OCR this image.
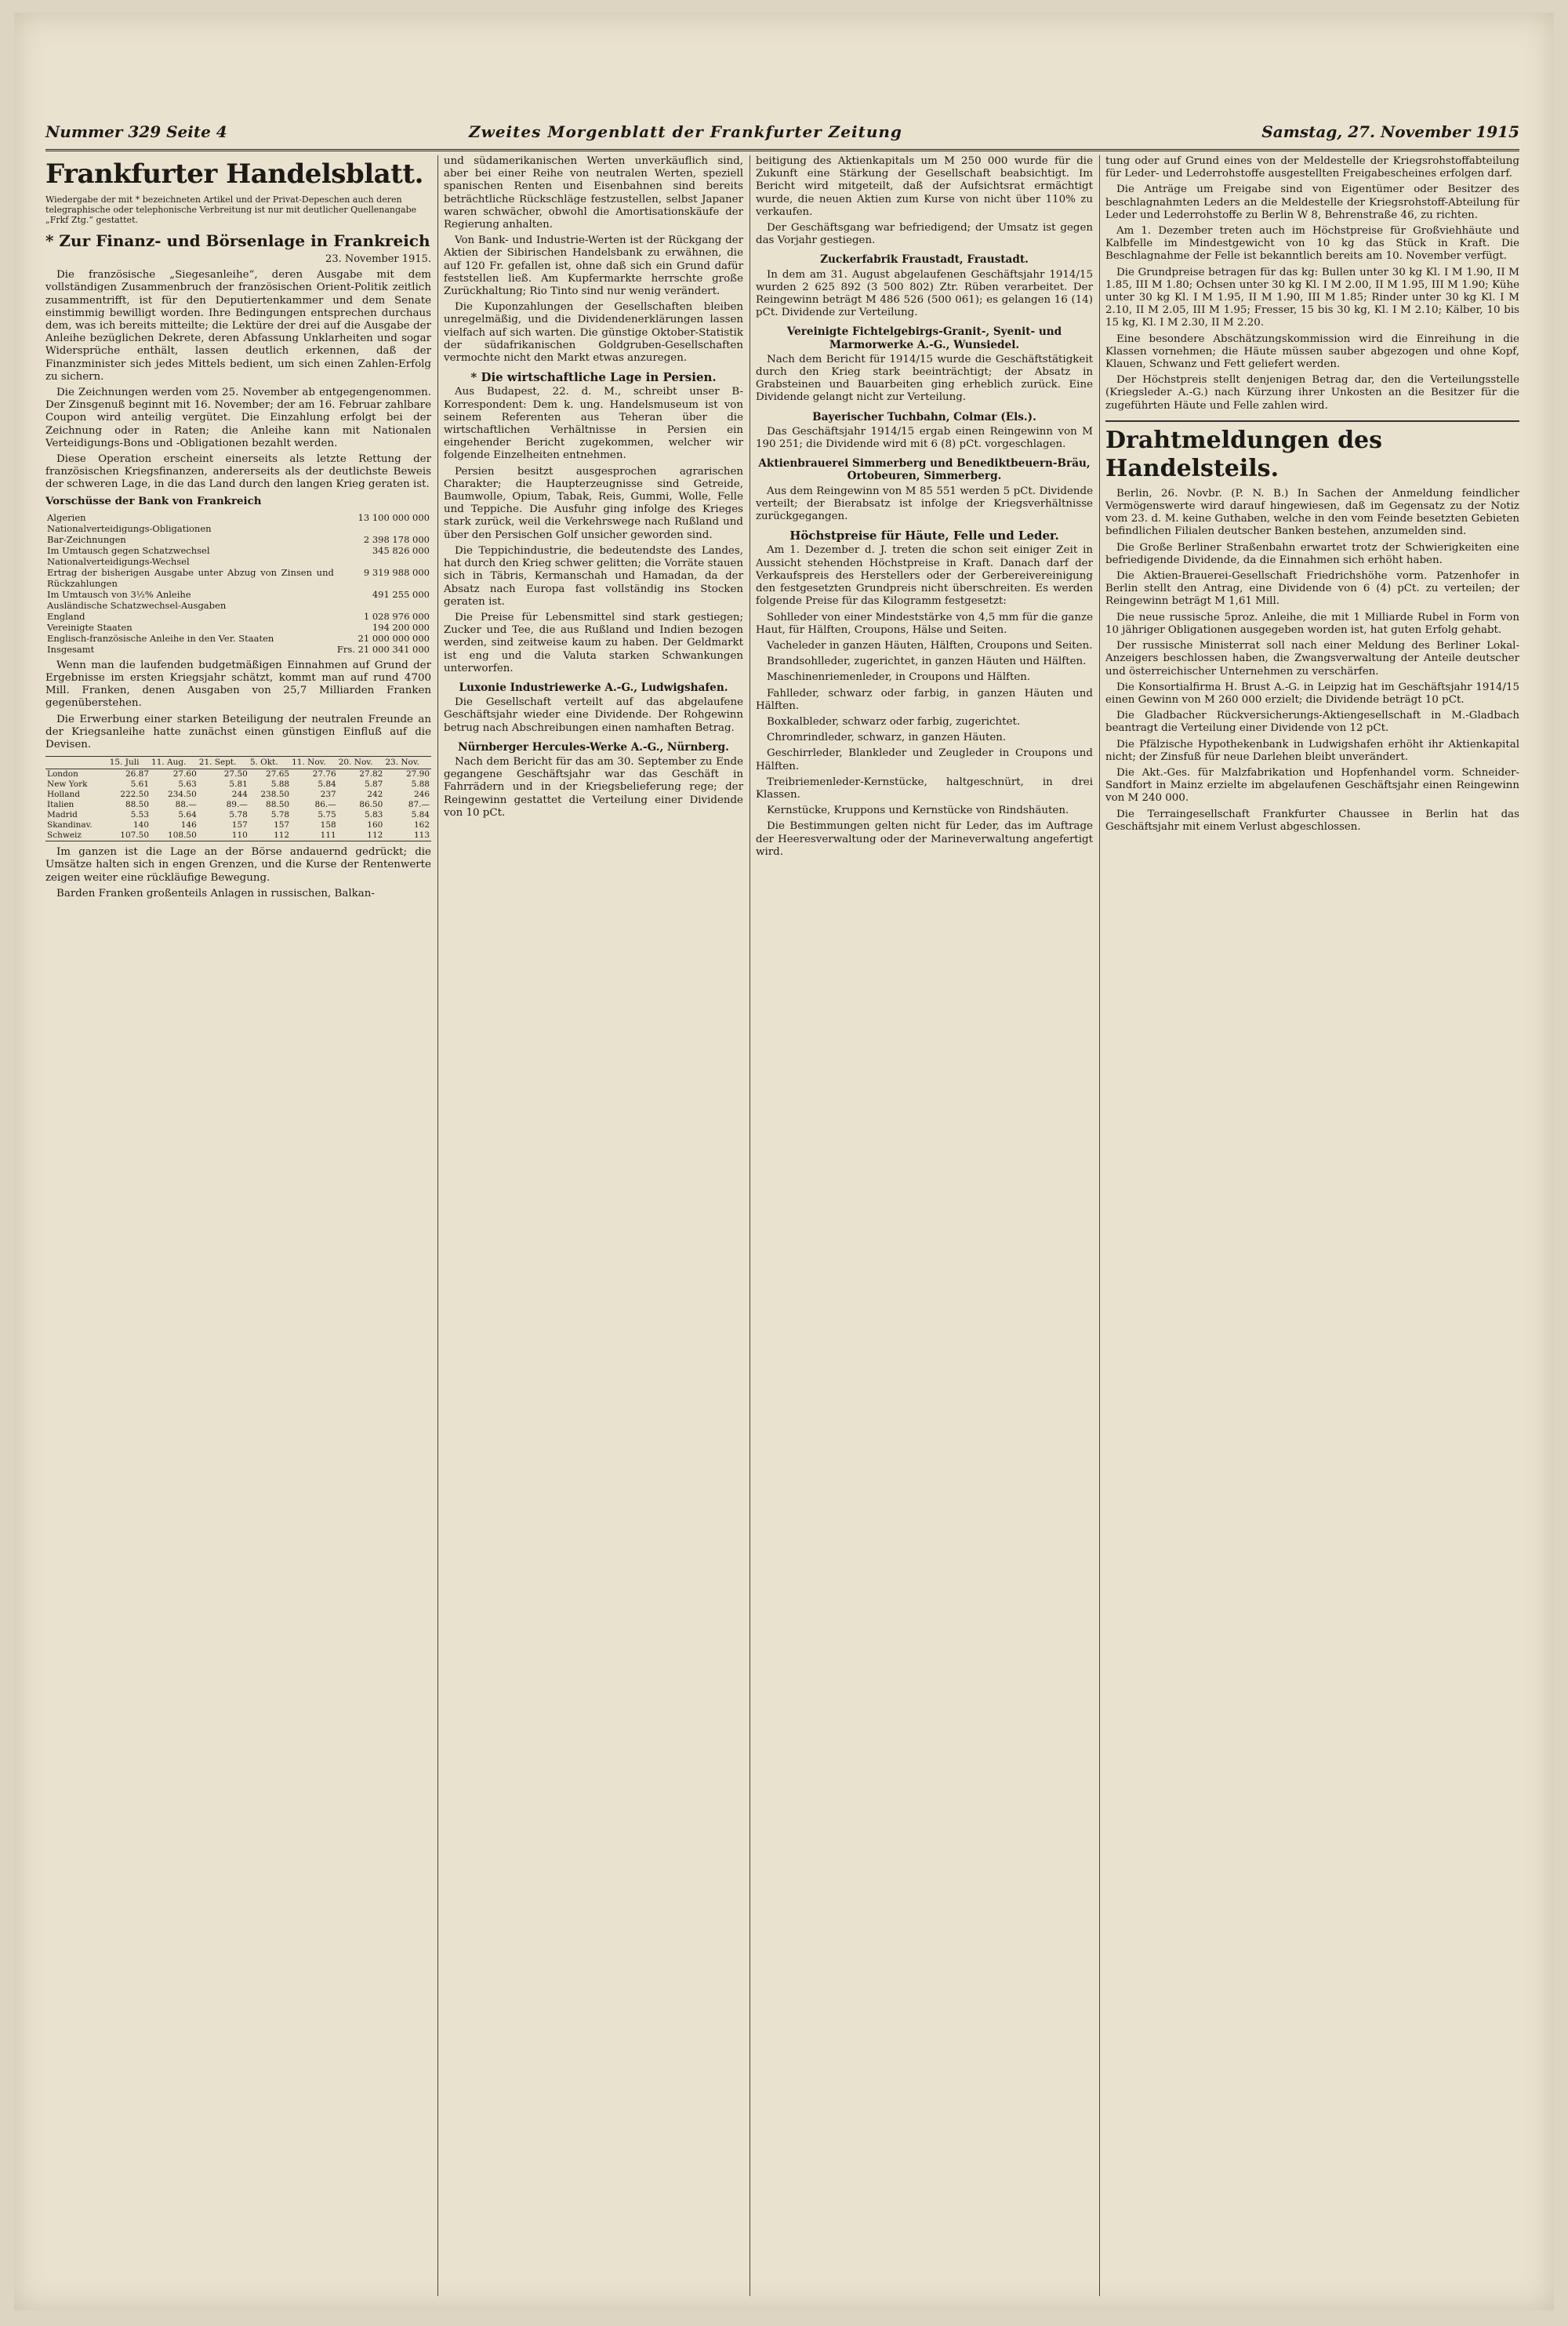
Nummer 329 Seite 4	Zweites Morgenblatt der Frankfurter Zeitung	Samstag, 27. November 1915
Frankfurter Handelsblatt.
Wiedergabe der mit * bezeichneten Artikel und der Privat-Depeschen auch deren telegraphische oder telephonische Verbreitung ist nur mit deutlicher Quellenangabe „Frkf Ztg.“ gestattet.
* Zur Finanz- und Börsenlage in Frankreich
23. November 1915.

Die französische „Siegesanleihe“, deren Ausgabe mit dem vollständigen Zusammenbruch der französischen Orient-Politik zeitlich zusammentrifft, ist für den Deputiertenkammer und dem Senate einstimmig bewilligt worden. Ihre Bedingungen entsprechen durchaus dem, was ich bereits mitteilte; die Lektüre der drei auf die Ausgabe der Anleihe bezüglichen Dekrete, deren Abfassung Unklarheiten und sogar Widersprüche enthält, lassen deutlich erkennen, daß der Finanzminister sich jedes Mittels bedient, um sich einen Zahlen-Erfolg zu sichern.

Die Zeichnungen werden vom 25. November ab entgegengenommen. Der Zinsgenuß beginnt mit 16. November; der am 16. Februar zahlbare Coupon wird anteilig vergütet. Die Einzahlung erfolgt bei der Zeichnung oder in Raten; die Anleihe kann mit Nationalen Verteidigungs-Bons und -Obligationen bezahlt werden.

Diese Operation erscheint einerseits als letzte Rettung der französischen Kriegsfinanzen, andererseits als der deutlichste Beweis der schweren Lage, in die das Land durch den langen Krieg geraten ist.

Vorschüsse der Bank von Frankreich

Algerien	13 100 000 000
Nationalverteidigungs-Obligationen	
Bar-Zeichnungen	2 398 178 000
Im Umtausch gegen Schatzwechsel	345 826 000
Nationalverteidigungs-Wechsel	
Ertrag der bisherigen Ausgabe unter Abzug von Zinsen und Rückzahlungen	9 319 988 000
Im Umtausch von 3½% Anleihe	491 255 000
Ausländische Schatzwechsel-Ausgaben	
England	1 028 976 000
Vereinigte Staaten	194 200 000
Englisch-französische Anleihe in den Ver. Staaten	21 000 000 000
Insgesamt	Frs. 21 000 341 000

Wenn man die laufenden budgetmäßigen Einnahmen auf Grund der Ergebnisse im ersten Kriegsjahr schätzt, kommt man auf rund 4700 Mill. Franken, denen Ausgaben von 25,7 Milliarden Franken gegenüberstehen.

Die Erwerbung einer starken Beteiligung der neutralen Freunde an der Kriegsanleihe hatte zunächst einen günstigen Einfluß auf die Devisen.

	15. Juli	11. Aug.	21. Sept.	5. Okt.	11. Nov.	20. Nov.	23. Nov.
London	26.87	27.60	27.50	27.65	27.76	27.82	27.90
New York	5.61	5.63	5.81	5.88	5.84	5.87	5.88
Holland	222.50	234.50	244	238.50	237	242	246
Italien	88.50	88.—	89.—	88.50	86.—	86.50	87.—
Madrid	5.53	5.64	5.78	5.78	5.75	5.83	5.84
Skandinav.	140	146	157	157	158	160	162
Schweiz	107.50	108.50	110	112	111	112	113

Im ganzen ist die Lage an der Börse andauernd gedrückt; die Umsätze halten sich in engen Grenzen, und die Kurse der Rentenwerte zeigen weiter eine rückläufige Bewegung.

Barden Franken großenteils Anlagen in russischen, Balkan-

und südamerikanischen Werten unverkäuflich sind, aber bei einer Reihe von neutralen Werten, speziell spanischen Renten und Eisenbahnen sind bereits beträchtliche Rückschläge festzustellen, selbst Japaner waren schwächer, obwohl die Amortisationskäufe der Regierung anhalten.

Von Bank- und Industrie-Werten ist der Rückgang der Aktien der Sibirischen Handelsbank zu erwähnen, die auf 120 Fr. gefallen ist, ohne daß sich ein Grund dafür feststellen ließ. Am Kupfermarkte herrschte große Zurückhaltung; Rio Tinto sind nur wenig verändert.

Die Kuponzahlungen der Gesellschaften bleiben unregelmäßig, und die Dividendenerklärungen lassen vielfach auf sich warten. Die günstige Oktober-Statistik der südafrikanischen Goldgruben-Gesellschaften vermochte nicht den Markt etwas anzuregen.

* Die wirtschaftliche Lage in Persien.

Aus Budapest, 22. d. M., schreibt unser B-Korrespondent: Dem k. ung. Handelsmuseum ist von seinem Referenten aus Teheran über die wirtschaftlichen Verhältnisse in Persien ein eingehender Bericht zugekommen, welcher wir folgende Einzelheiten entnehmen.

Persien besitzt ausgesprochen agrarischen Charakter; die Haupterzeugnisse sind Getreide, Baumwolle, Opium, Tabak, Reis, Gummi, Wolle, Felle und Teppiche. Die Ausfuhr ging infolge des Krieges stark zurück, weil die Verkehrswege nach Rußland und über den Persischen Golf unsicher geworden sind.

Die Teppichindustrie, die bedeutendste des Landes, hat durch den Krieg schwer gelitten; die Vorräte stauen sich in Täbris, Kermanschah und Hamadan, da der Absatz nach Europa fast vollständig ins Stocken geraten ist.

Die Preise für Lebensmittel sind stark gestiegen; Zucker und Tee, die aus Rußland und Indien bezogen werden, sind zeitweise kaum zu haben. Der Geldmarkt ist eng und die Valuta starken Schwankungen unterworfen.

Luxonie Industriewerke A.-G., Ludwigshafen.

Die Gesellschaft verteilt auf das abgelaufene Geschäftsjahr wieder eine Dividende. Der Rohgewinn betrug nach Abschreibungen einen namhaften Betrag.

Nürnberger Hercules-Werke A.-G., Nürnberg.

Nach dem Bericht für das am 30. September zu Ende gegangene Geschäftsjahr war das Geschäft in Fahrrädern und in der Kriegsbelieferung rege; der Reingewinn gestattet die Verteilung einer Dividende von 10 pCt.

beitigung des Aktienkapitals um M 250 000 wurde für die Zukunft eine Stärkung der Gesellschaft beabsichtigt. Im Bericht wird mitgeteilt, daß der Aufsichtsrat ermächtigt wurde, die neuen Aktien zum Kurse von nicht über 110% zu verkaufen.

Der Geschäftsgang war befriedigend; der Umsatz ist gegen das Vorjahr gestiegen.

Zuckerfabrik Fraustadt, Fraustadt.

In dem am 31. August abgelaufenen Geschäftsjahr 1914/15 wurden 2 625 892 (3 500 802) Ztr. Rüben verarbeitet. Der Reingewinn beträgt M 486 526 (500 061); es gelangen 16 (14) pCt. Dividende zur Verteilung.

Vereinigte Fichtelgebirgs-Granit-, Syenit- und Marmorwerke A.-G., Wunsiedel.

Nach dem Bericht für 1914/15 wurde die Geschäftstätigkeit durch den Krieg stark beeinträchtigt; der Absatz in Grabsteinen und Bauarbeiten ging erheblich zurück. Eine Dividende gelangt nicht zur Verteilung.

Bayerischer Tuchbahn, Colmar (Els.).

Das Geschäftsjahr 1914/15 ergab einen Reingewinn von M 190 251; die Dividende wird mit 6 (8) pCt. vorgeschlagen.

Aktienbrauerei Simmerberg und Benediktbeuern-Bräu, Ortobeuren, Simmerberg.

Aus dem Reingewinn von M 85 551 werden 5 pCt. Dividende verteilt; der Bierabsatz ist infolge der Kriegsverhältnisse zurückgegangen.

Höchstpreise für Häute, Felle und Leder.

Am 1. Dezember d. J. treten die schon seit einiger Zeit in Aussicht stehenden Höchstpreise in Kraft. Danach darf der Verkaufspreis des Herstellers oder der Gerbereivereinigung den festgesetzten Grundpreis nicht überschreiten. Es werden folgende Preise für das Kilogramm festgesetzt:

Sohlleder von einer Mindeststärke von 4,5 mm für die ganze Haut, für Hälften, Croupons, Hälse und Seiten.

Vacheleder in ganzen Häuten, Hälften, Croupons und Seiten.

Brandsohlleder, zugerichtet, in ganzen Häuten und Hälften.

Maschinenriemenleder, in Croupons und Hälften.

Fahlleder, schwarz oder farbig, in ganzen Häuten und Hälften.

Boxkalbleder, schwarz oder farbig, zugerichtet.

Chromrindleder, schwarz, in ganzen Häuten.

Geschirrleder, Blankleder und Zeugleder in Croupons und Hälften.

Treibriemenleder-Kernstücke, haltgeschnürt, in drei Klassen.

Kernstücke, Kruppons und Kernstücke von Rindshäuten.

Die Bestimmungen gelten nicht für Leder, das im Auftrage der Heeresverwaltung oder der Marineverwaltung angefertigt wird.

tung oder auf Grund eines von der Meldestelle der Kriegsrohstoffabteilung für Leder- und Lederrohstoffe ausgestellten Freigabescheines erfolgen darf.

Die Anträge um Freigabe sind von Eigentümer oder Besitzer des beschlagnahmten Leders an die Meldestelle der Kriegsrohstoff-Abteilung für Leder und Lederrohstoffe zu Berlin W 8, Behrenstraße 46, zu richten.

Am 1. Dezember treten auch im Höchstpreise für Großviehhäute und Kalbfelle im Mindestgewicht von 10 kg das Stück in Kraft. Die Beschlagnahme der Felle ist bekanntlich bereits am 10. November verfügt.

Die Grundpreise betragen für das kg: Bullen unter 30 kg Kl. I M 1.90, II M 1.85, III M 1.80; Ochsen unter 30 kg Kl. I M 2.00, II M 1.95, III M 1.90; Kühe unter 30 kg Kl. I M 1.95, II M 1.90, III M 1.85; Rinder unter 30 kg Kl. I M 2.10, II M 2.05, III M 1.95; Fresser, 15 bis 30 kg, Kl. I M 2.10; Kälber, 10 bis 15 kg, Kl. I M 2.30, II M 2.20.

Eine besondere Abschätzungskommission wird die Einreihung in die Klassen vornehmen; die Häute müssen sauber abgezogen und ohne Kopf, Klauen, Schwanz und Fett geliefert werden.

Der Höchstpreis stellt denjenigen Betrag dar, den die Verteilungsstelle (Kriegsleder A.-G.) nach Kürzung ihrer Unkosten an die Besitzer für die zugeführten Häute und Felle zahlen wird.

Drahtmeldungen des Handelsteils.

Berlin, 26. Novbr. (P. N. B.) In Sachen der Anmeldung feindlicher Vermögenswerte wird darauf hingewiesen, daß im Gegensatz zu der Notiz vom 23. d. M. keine Guthaben, welche in den vom Feinde besetzten Gebieten befindlichen Filialen deutscher Banken bestehen, anzumelden sind.

Die Große Berliner Straßenbahn erwartet trotz der Schwierigkeiten eine befriedigende Dividende, da die Einnahmen sich erhöht haben.

Die Aktien-Brauerei-Gesellschaft Friedrichshöhe vorm. Patzenhofer in Berlin stellt den Antrag, eine Dividende von 6 (4) pCt. zu verteilen; der Reingewinn beträgt M 1,61 Mill.

Die neue russische 5proz. Anleihe, die mit 1 Milliarde Rubel in Form von 10 jähriger Obligationen ausgegeben worden ist, hat guten Erfolg gehabt.

Der russische Ministerrat soll nach einer Meldung des Berliner Lokal-Anzeigers beschlossen haben, die Zwangsverwaltung der Anteile deutscher und österreichischer Unternehmen zu verschärfen.

Die Konsortialfirma H. Brust A.-G. in Leipzig hat im Geschäftsjahr 1914/15 einen Gewinn von M 260 000 erzielt; die Dividende beträgt 10 pCt.

Die Gladbacher Rückversicherungs-Aktiengesellschaft in M.-Gladbach beantragt die Verteilung einer Dividende von 12 pCt.

Die Pfälzische Hypothekenbank in Ludwigshafen erhöht ihr Aktienkapital nicht; der Zinsfuß für neue Darlehen bleibt unverändert.

Die Akt.-Ges. für Malzfabrikation und Hopfenhandel vorm. Schneider-Sandfort in Mainz erzielte im abgelaufenen Geschäftsjahr einen Reingewinn von M 240 000.

Die Terraingesellschaft Frankfurter Chaussee in Berlin hat das Geschäftsjahr mit einem Verlust abgeschlossen.
